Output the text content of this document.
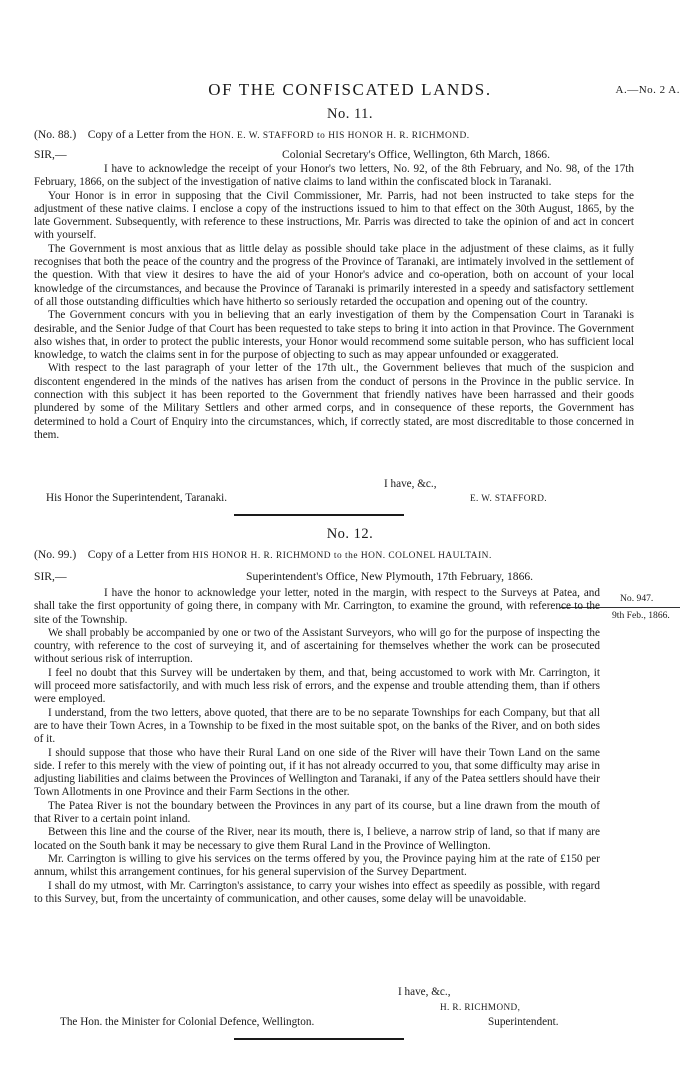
OF THE CONFISCATED LANDS.	A.—No. 2 A.
No. 11.
(No. 88.) Copy of a Letter from the HON. E. W. STAFFORD to HIS HONOR H. R. RICHMOND.
SIR,—	Colonial Secretary's Office, Wellington, 6th March, 1866.

I have to acknowledge the receipt of your Honor's two letters, No. 92, of the 8th February, and No. 98, of the 17th February, 1866, on the subject of the investigation of native claims to land within the confiscated block in Taranaki.

Your Honor is in error in supposing that the Civil Commissioner, Mr. Parris, had not been instructed to take steps for the adjustment of these native claims. I enclose a copy of the instructions issued to him to that effect on the 30th August, 1865, by the late Government. Subsequently, with reference to these instructions, Mr. Parris was directed to take the opinion of and act in concert with yourself.

The Government is most anxious that as little delay as possible should take place in the adjustment of these claims, as it fully recognises that both the peace of the country and the progress of the Province of Taranaki, are intimately involved in the settlement of the question. With that view it desires to have the aid of your Honor's advice and co-operation, both on account of your local knowledge of the circumstances, and because the Province of Taranaki is primarily interested in a speedy and satisfactory settlement of all those outstanding difficulties which have hitherto so seriously retarded the occupation and opening out of the country.

The Government concurs with you in believing that an early investigation of them by the Compensation Court in Taranaki is desirable, and the Senior Judge of that Court has been requested to take steps to bring it into action in that Province. The Government also wishes that, in order to protect the public interests, your Honor would recommend some suitable person, who has sufficient local knowledge, to watch the claims sent in for the purpose of objecting to such as may appear unfounded or exaggerated.

With respect to the last paragraph of your letter of the 17th ult., the Government believes that much of the suspicion and discontent engendered in the minds of the natives has arisen from the conduct of persons in the Province in the public service. In connection with this subject it has been reported to the Government that friendly natives have been harrassed and their goods plundered by some of the Military Settlers and other armed corps, and in consequence of these reports, the Government has determined to hold a Court of Enquiry into the circumstances, which, if correctly stated, are most discreditable to those concerned in them.

I have, &c.,
His Honor the Superintendent, Taranaki.	E. W. STAFFORD.
No. 12.
(No. 99.) Copy of a Letter from HIS HONOR H. R. RICHMOND to the HON. COLONEL HAULTAIN.
SIR,—	Superintendent's Office, New Plymouth, 17th February, 1866.
No. 947.
9th Feb., 1866.

I have the honor to acknowledge your letter, noted in the margin, with respect to the Surveys at Patea, and shall take the first opportunity of going there, in company with Mr. Carrington, to examine the ground, with reference to the site of the Township.

We shall probably be accompanied by one or two of the Assistant Surveyors, who will go for the purpose of inspecting the country, with reference to the cost of surveying it, and of ascertaining for themselves whether the work can be prosecuted without serious risk of interruption.

I feel no doubt that this Survey will be undertaken by them, and that, being accustomed to work with Mr. Carrington, it will proceed more satisfactorily, and with much less risk of errors, and the expense and trouble attending them, than if others were employed.

I understand, from the two letters, above quoted, that there are to be no separate Townships for each Company, but that all are to have their Town Acres, in a Township to be fixed in the most suitable spot, on the banks of the River, and on both sides of it.

I should suppose that those who have their Rural Land on one side of the River will have their Town Land on the same side. I refer to this merely with the view of pointing out, if it has not already occurred to you, that some difficulty may arise in adjusting liabilities and claims between the Provinces of Wellington and Taranaki, if any of the Patea settlers should have their Town Allotments in one Province and their Farm Sections in the other.

The Patea River is not the boundary between the Provinces in any part of its course, but a line drawn from the mouth of that River to a certain point inland.

Between this line and the course of the River, near its mouth, there is, I believe, a narrow strip of land, so that if many are located on the South bank it may be necessary to give them Rural Land in the Province of Wellington.

Mr. Carrington is willing to give his services on the terms offered by you, the Province paying him at the rate of £150 per annum, whilst this arrangement continues, for his general supervision of the Survey Department.

I shall do my utmost, with Mr. Carrington's assistance, to carry your wishes into effect as speedily as possible, with regard to this Survey, but, from the uncertainty of communication, and other causes, some delay will be unavoidable.

I have, &c.,
H. R. RICHMOND,
The Hon. the Minister for Colonial Defence, Wellington.	Superintendent.
